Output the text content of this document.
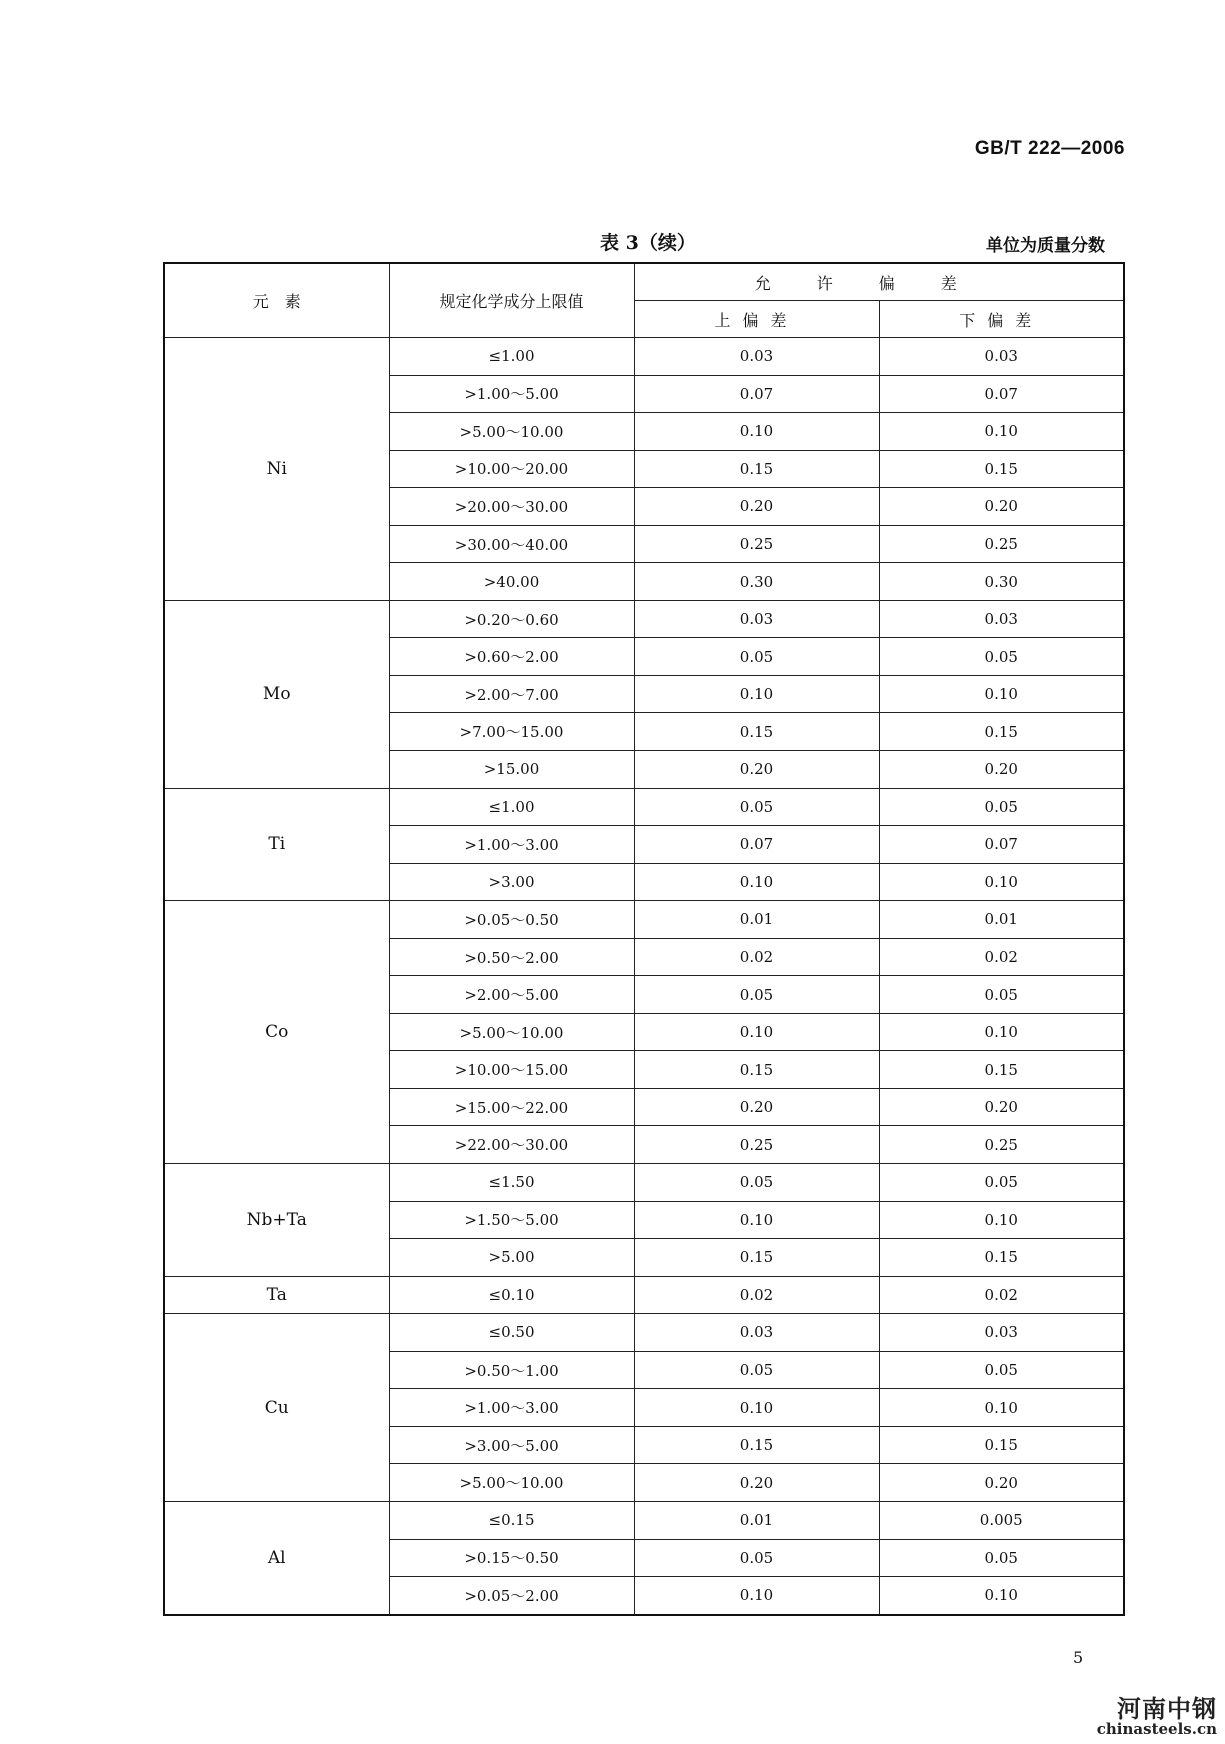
GB/T 222—2006
表 3（续）	单位为质量分数
元　素	规定化学成分上限值	允许偏差	
		上偏差	下偏差
Ni	≤1.00	0.03	0.03
	>1.00～5.00	0.07	0.07
	>5.00～10.00	0.10	0.10
	>10.00～20.00	0.15	0.15
	>20.00～30.00	0.20	0.20
	>30.00～40.00	0.25	0.25
	>40.00	0.30	0.30
Mo	>0.20～0.60	0.03	0.03
	>0.60～2.00	0.05	0.05
	>2.00～7.00	0.10	0.10
	>7.00～15.00	0.15	0.15
	>15.00	0.20	0.20
Ti	≤1.00	0.05	0.05
	>1.00～3.00	0.07	0.07
	>3.00	0.10	0.10
Co	>0.05～0.50	0.01	0.01
	>0.50～2.00	0.02	0.02
	>2.00～5.00	0.05	0.05
	>5.00～10.00	0.10	0.10
	>10.00～15.00	0.15	0.15
	>15.00～22.00	0.20	0.20
	>22.00～30.00	0.25	0.25
Nb+Ta	≤1.50	0.05	0.05
	>1.50～5.00	0.10	0.10
	>5.00	0.15	0.15
Ta	≤0.10	0.02	0.02
Cu	≤0.50	0.03	0.03
	>0.50～1.00	0.05	0.05
	>1.00～3.00	0.10	0.10
	>3.00～5.00	0.15	0.15
	>5.00～10.00	0.20	0.20
Al	≤0.15	0.01	0.005
	>0.15～0.50	0.05	0.05
	>0.05～2.00	0.10	0.10
5
河南中钢
chinasteels.cn
